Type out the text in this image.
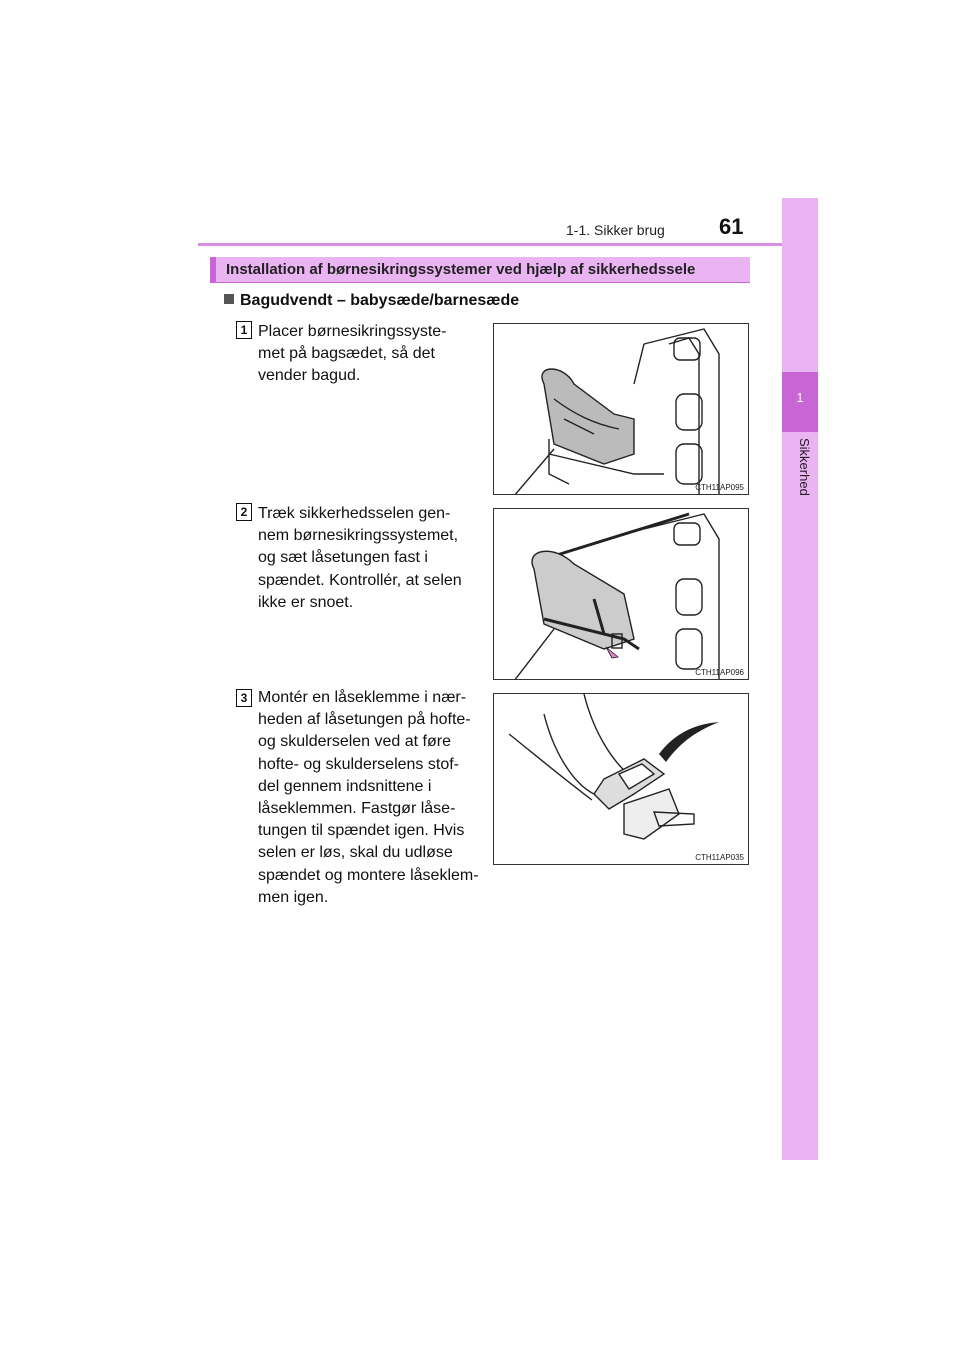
1-1. Sikker brug 61
1
Sikkerhed
Installation af børnesikringssystemer ved hjælp af sikkerhedssele
Bagudvendt – babysæde/barnesæde
1 Placer børnesikringssyste-
met på bagsædet, så det
vender bagud.
CTH11AP095
2 Træk sikkerhedsselen gen-
nem børnesikringssystemet,
og sæt låsetungen fast i
spændet. Kontrollér, at selen
ikke er snoet.
CTH11AP096
3 Montér en låseklemme i nær-
heden af låsetungen på hofte-
og skulderselen ved at føre
hofte- og skulderselens stof-
del gennem indsnittene i
låseklemmen. Fastgør låse-
tungen til spændet igen. Hvis
selen er løs, skal du udløse
spændet og montere låseklem-
men igen.
CTH11AP035
